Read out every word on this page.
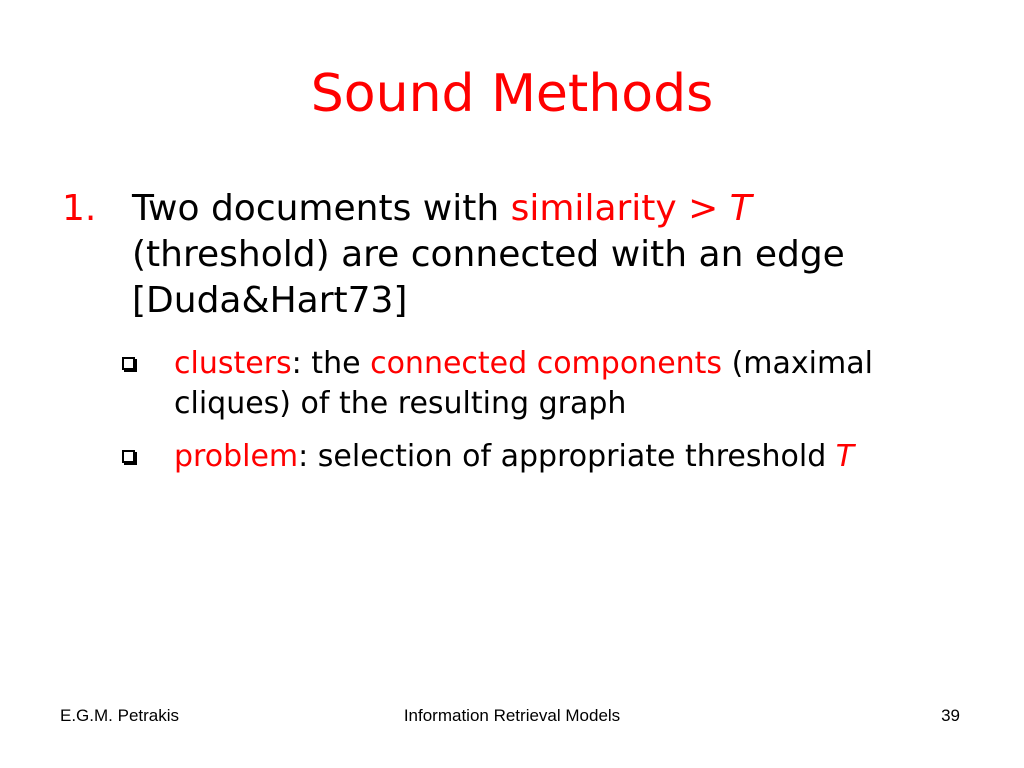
Sound Methods
1. Two documents with similarity > T (threshold) are connected with an edge [Duda&Hart73]
clusters: the connected components (maximal cliques) of the resulting graph
problem: selection of appropriate threshold T
E.G.M. Petrakis	Information Retrieval Models	39
